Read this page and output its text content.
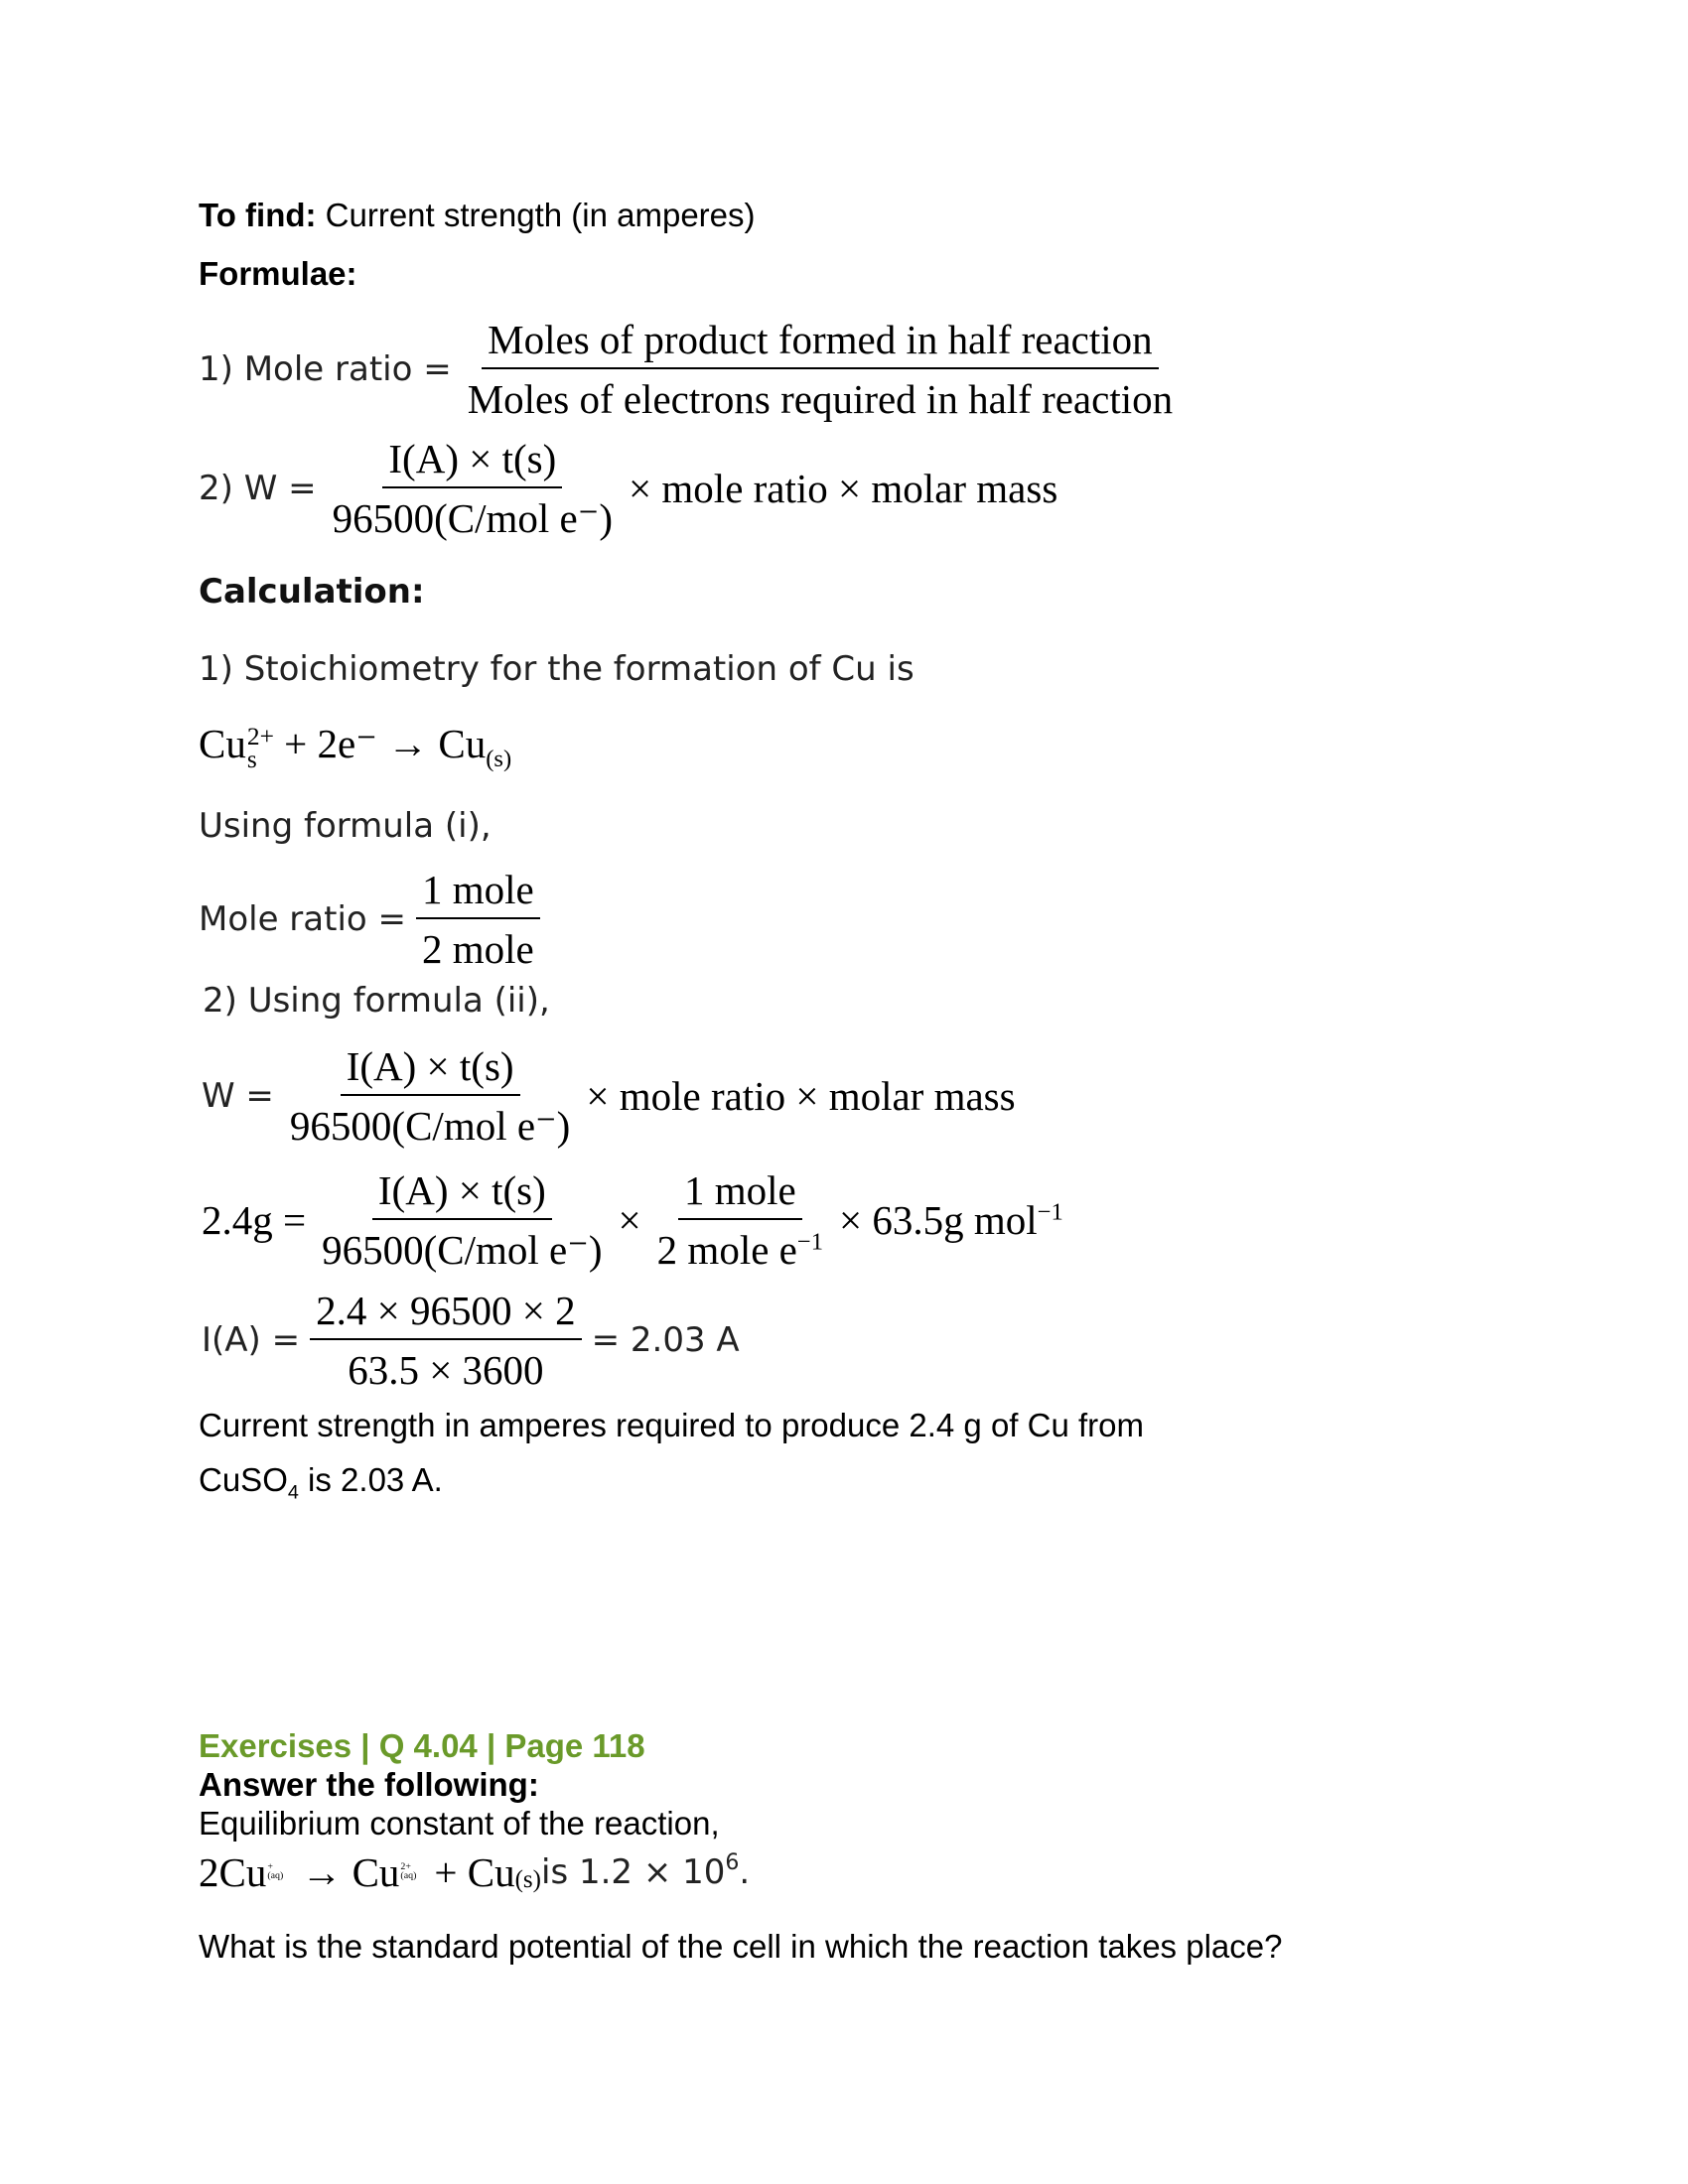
To find: Current strength (in amperes)
Formulae:
1) Mole ratio = $\frac{\text{Moles of product formed in half reaction}}{\text{Moles of electrons required in half reaction}}$
2) $W = \frac{I(A) \times t(s)}{\text{96500(C/mol e⁻)}}$ × mole ratio × molar mass
Calculation:
1) Stoichiometry for the formation of Cu is
Cu 2+
$s + 2e^- \to Cu_{(s)}$
Using formula (i),
Mole ratio = $\frac{\text{1 mole}}{\text{2 mole}}$
2) Using formula (ii),
$W = \frac{I(A) \times t(s)}{\text{96500(C/mol e⁻)}}$ × mole ratio × molar mass
$2.4g = \frac{I(A) \times t(s)}{\text{96500(C/mol e⁻)}} \times \frac{\text{1 mole}}{2 mole e^{-1}} \times 63.5g$ mol$^{-1}$
$I(A) = \frac{2.4 \times 96500 \times 2}{63.5 \times 3600} = 2.03$ A
Current strength in amperes required to produce 2.4 g of Cu from
CuSO$_4$ is 2.03 A.
Exercises | Q 4.04 | Page 118
Answer the following:
Equilibrium constant of the reaction,
2Cu +
(aq) → Cu 2+
(aq) + Cu (s) is 1.2 × 10 6 .
What is the standard potential of the cell in which the reaction takes place?
